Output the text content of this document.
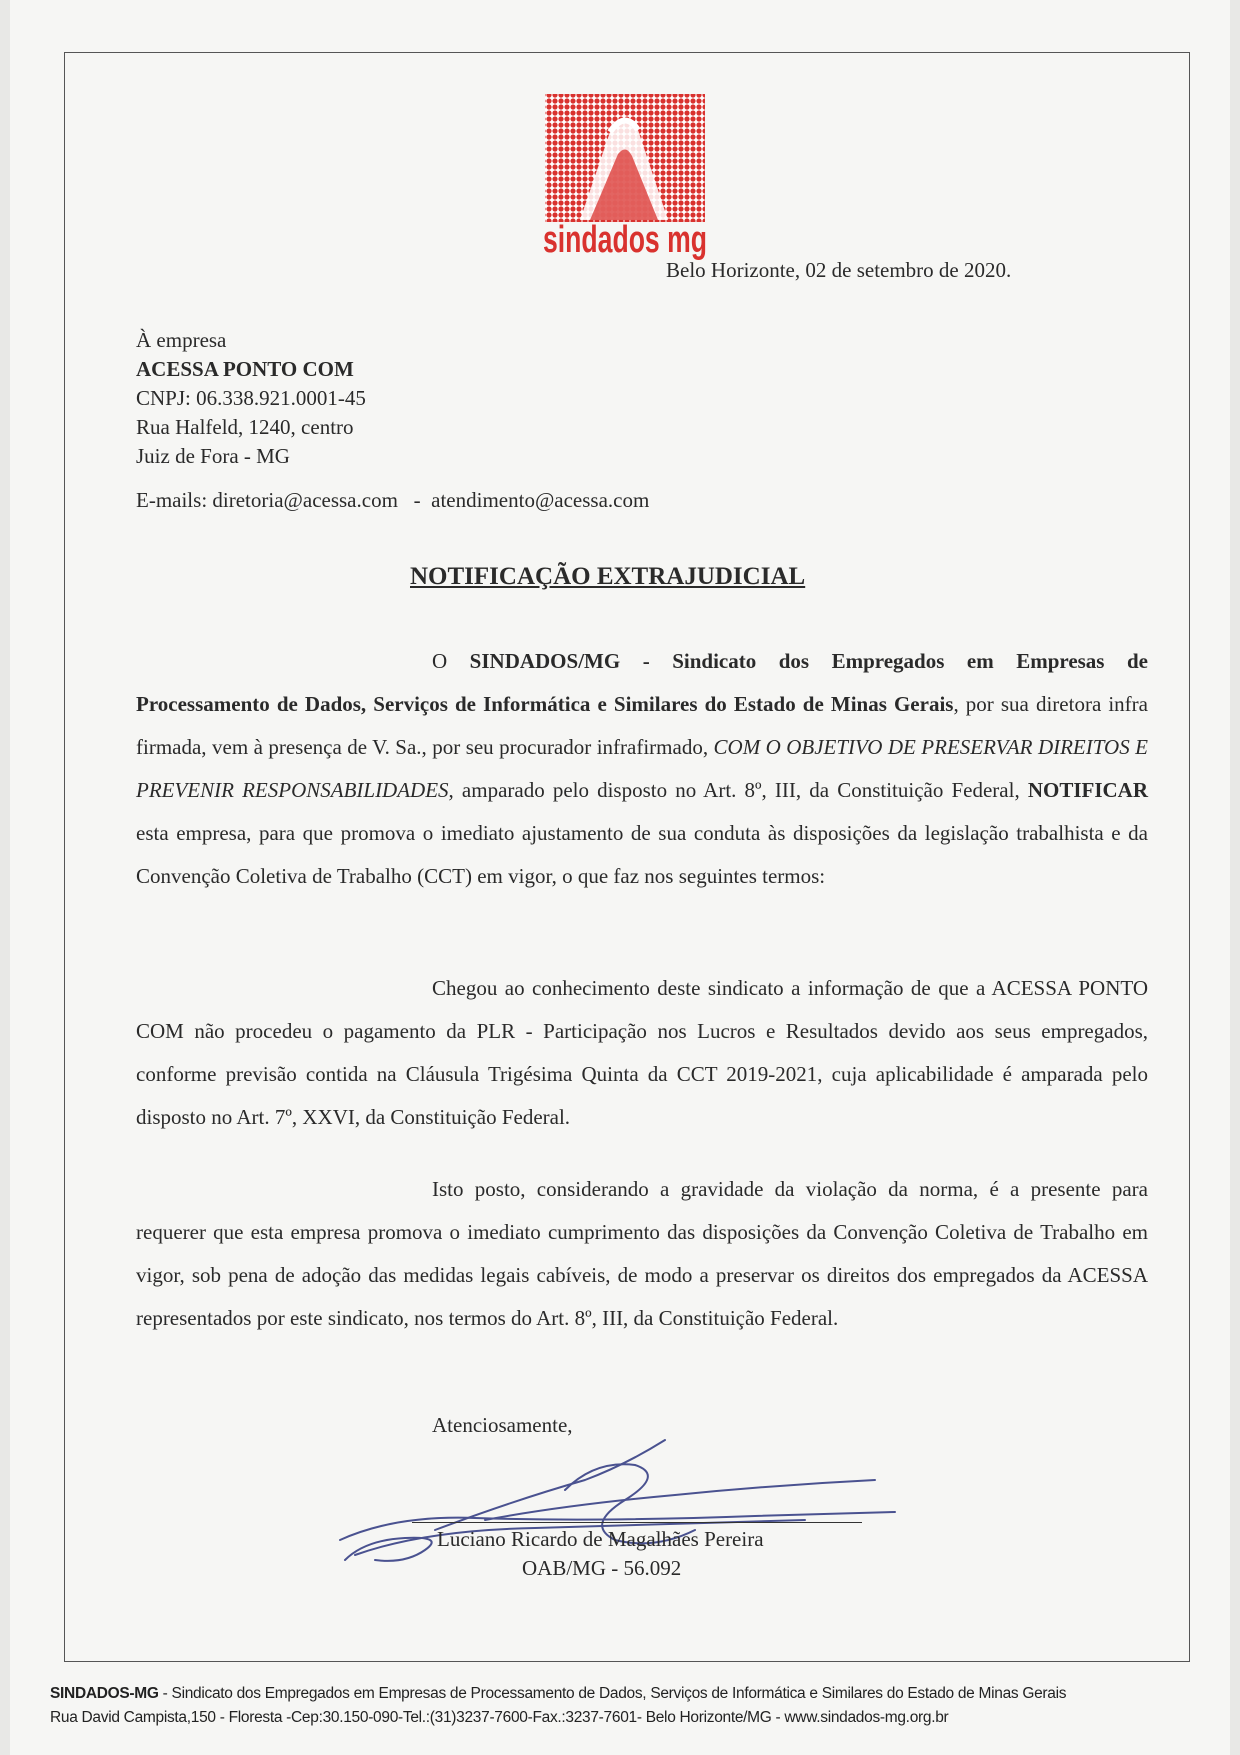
sindados mg
Belo Horizonte, 02 de setembro de 2020.
À empresa
ACESSA PONTO COM
CNPJ: 06.338.921.0001-45
Rua Halfeld, 1240, centro
Juiz de Fora - MG
E-mails: diretoria@acessa.com   -  atendimento@acessa.com
NOTIFICAÇÃO EXTRAJUDICIAL
O SINDADOS/MG - Sindicato dos Empregados em Empresas de Processamento de Dados, Serviços de Informática e Similares do Estado de Minas Gerais, por sua diretora infra firmada, vem à presença de V. Sa., por seu procurador infrafirmado, COM O OBJETIVO DE PRESERVAR DIREITOS E PREVENIR RESPONSABILIDADES, amparado pelo disposto no Art. 8º, III, da Constituição Federal, NOTIFICAR esta empresa, para que promova o imediato ajustamento de sua conduta às disposições da legislação trabalhista e da Convenção Coletiva de Trabalho (CCT) em vigor, o que faz nos seguintes termos:
Chegou ao conhecimento deste sindicato a informação de que a ACESSA PONTO COM não procedeu o pagamento da PLR - Participação nos Lucros e Resultados devido aos seus empregados, conforme previsão contida na Cláusula Trigésima Quinta da CCT 2019-2021, cuja aplicabilidade é amparada pelo disposto no Art. 7º, XXVI, da Constituição Federal.
Isto posto, considerando a gravidade da violação da norma, é a presente para requerer que esta empresa promova o imediato cumprimento das disposições da Convenção Coletiva de Trabalho em vigor, sob pena de adoção das medidas legais cabíveis, de modo a preservar os direitos dos empregados da ACESSA representados por este sindicato, nos termos do Art. 8º, III, da Constituição Federal.
Atenciosamente,
Luciano Ricardo de Magalhães Pereira
OAB/MG - 56.092
SINDADOS-MG - Sindicato dos Empregados em Empresas de Processamento de Dados, Serviços de Informática e Similares do Estado de Minas Gerais
Rua David Campista,150 - Floresta -Cep:30.150-090-Tel.:(31)3237-7600-Fax.:3237-7601- Belo Horizonte/MG - www.sindados-mg.org.br
